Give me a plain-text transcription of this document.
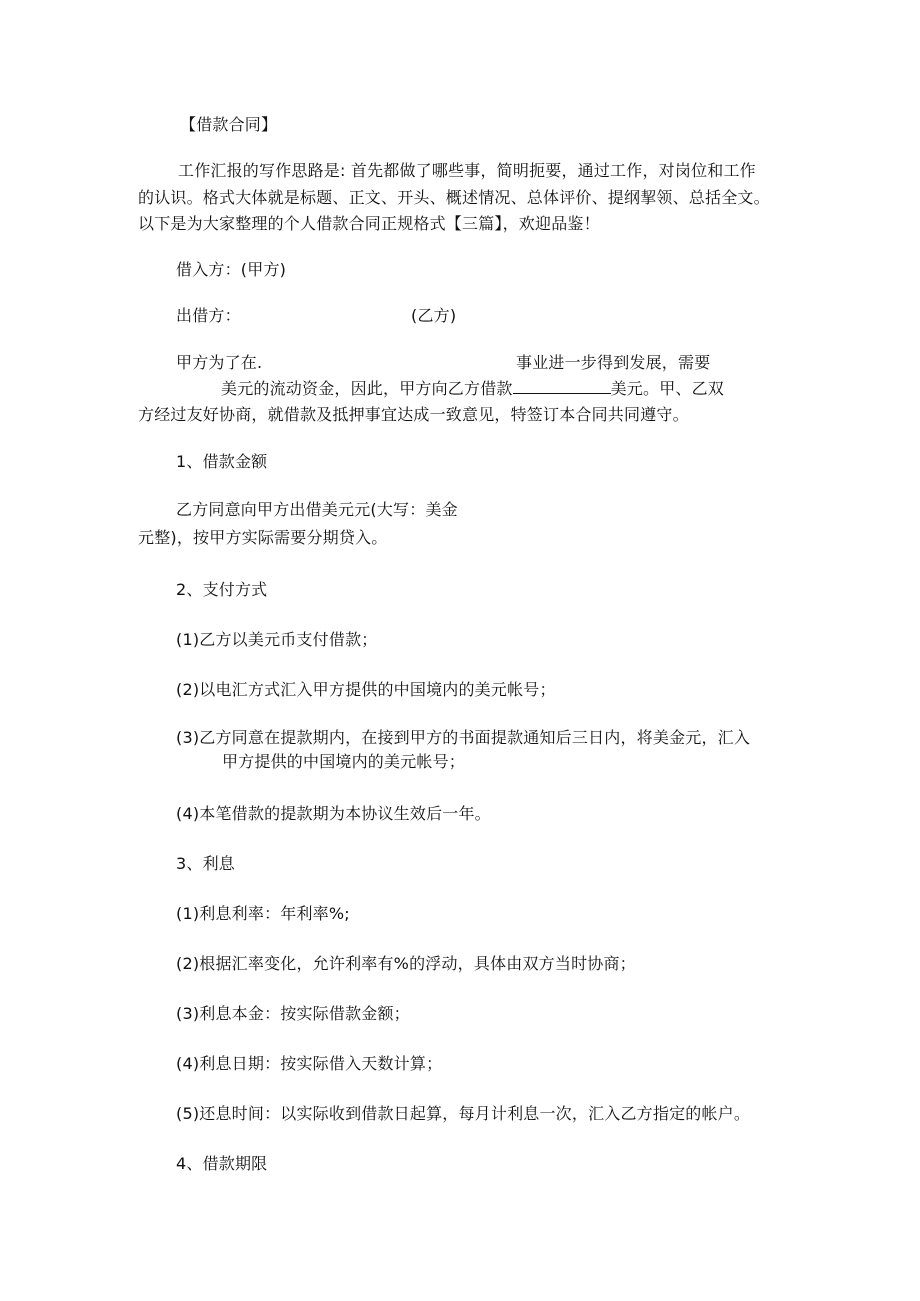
【借款合同】
工作汇报的写作思路是: 首先都做了哪些事，简明扼要，通过工作，对岗位和工作
的认识。格式大体就是标题、正文、开头、概述情况、总体评价、提纲挈领、总括全文。
以下是为大家整理的个人借款合同正规格式【三篇】，欢迎品鉴！
借入方：(甲方)
出借方：	(乙方)
甲方为了在.	事业进一步得到发展，需要
美元的流动资金，因此，甲方向乙方借款	美元。甲、乙双
方经过友好协商，就借款及抵押事宜达成一致意见，特签订本合同共同遵守。
1、借款金额
乙方同意向甲方出借美元元(大写：美金
元整)，按甲方实际需要分期贷入。
2、支付方式
(1)乙方以美元币支付借款；
(2)以电汇方式汇入甲方提供的中国境内的美元帐号；
(3)乙方同意在提款期内，在接到甲方的书面提款通知后三日内，将美金元，汇入
甲方提供的中国境内的美元帐号；
(4)本笔借款的提款期为本协议生效后一年。
3、利息
(1)利息利率：年利率%;
(2)根据汇率变化，允许利率有%的浮动，具体由双方当时协商；
(3)利息本金：按实际借款金额；
(4)利息日期：按实际借入天数计算；
(5)还息时间：以实际收到借款日起算，每月计利息一次，汇入乙方指定的帐户。
4、借款期限
